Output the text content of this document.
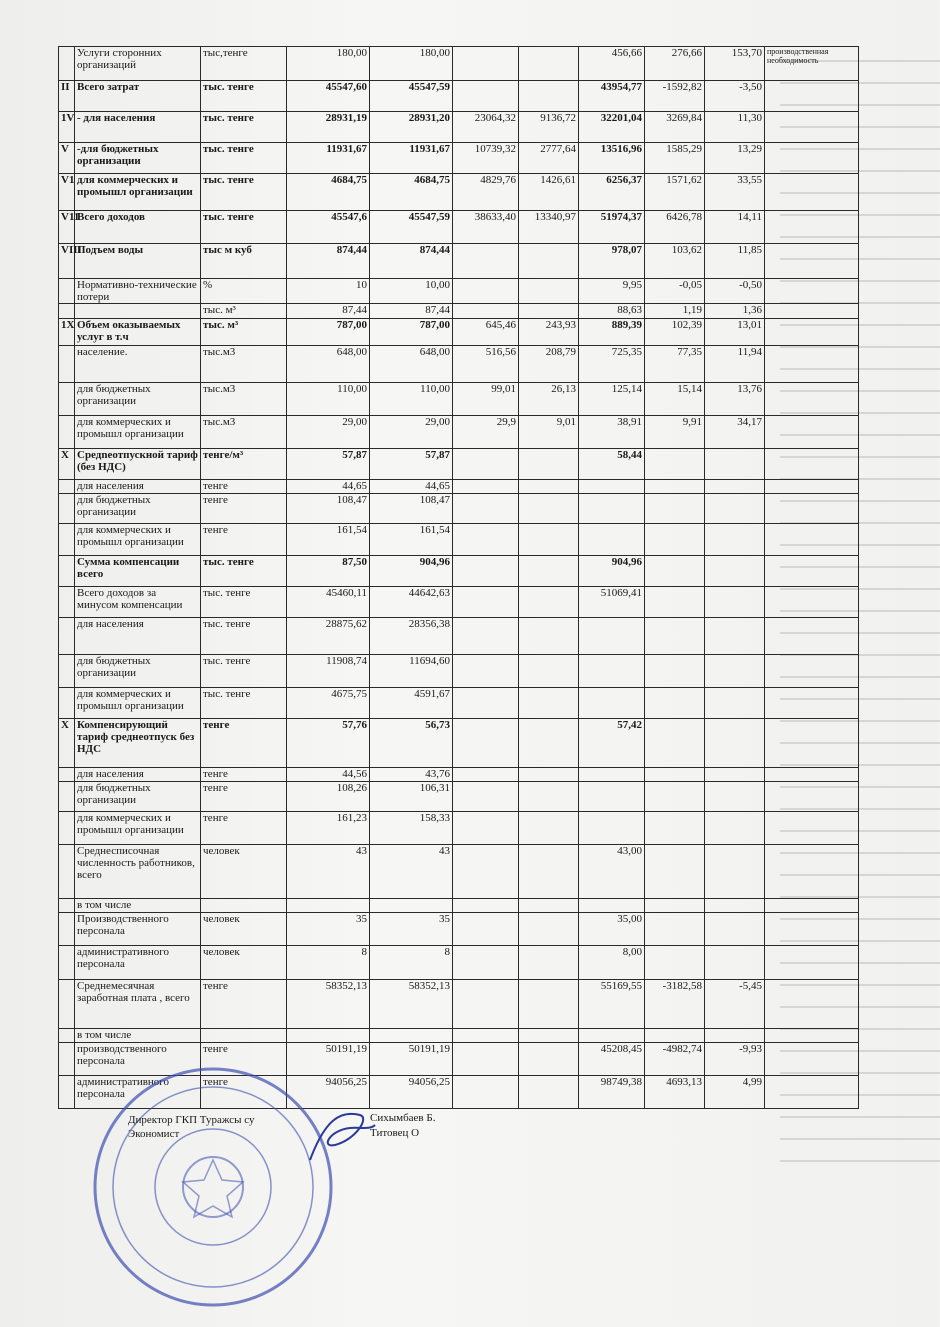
	Услуги сторонних организаций	тыс,тенге	180,00	180,00			456,66	276,66	153,70	производственная необходимость
II	Всего затрат	тыс. тенге	45547,60	45547,59			43954,77	-1592,82	-3,50	
1V	- для населения	тыс. тенге	28931,19	28931,20	23064,32	9136,72	32201,04	3269,84	11,30	
V	-для бюджетных организации	тыс. тенге	11931,67	11931,67	10739,32	2777,64	13516,96	1585,29	13,29	
V1	для коммерческих и промышл организации	тыс. тенге	4684,75	4684,75	4829,76	1426,61	6256,37	1571,62	33,55	
V11	Всего доходов	тыс. тенге	45547,6	45547,59	38633,40	13340,97	51974,37	6426,78	14,11	
VIII	Подъем воды	тыс м куб	874,44	874,44			978,07	103,62	11,85	
	Нормативно-технические потери	%	10	10,00			9,95	-0,05	-0,50	
		тыс. м³	87,44	87,44			88,63	1,19	1,36	
1X	Объем оказываемых услуг в т.ч	тыс. м³	787,00	787,00	645,46	243,93	889,39	102,39	13,01	
	население.	тыс.м3	648,00	648,00	516,56	208,79	725,35	77,35	11,94	
	для бюджетных организации	тыс.м3	110,00	110,00	99,01	26,13	125,14	15,14	13,76	
	для коммерческих и промышл организации	тыс.м3	29,00	29,00	29,9	9,01	38,91	9,91	34,17	
X	Средneотпускной тариф (без НДС)	тенге/м³	57,87	57,87			58,44			
	для населения	тенге	44,65	44,65						
	для бюджетных организации	тенге	108,47	108,47						
	для коммерческих и промышл организации	тенге	161,54	161,54						
	Сумма компенсации всего	тыс. тенге	87,50	904,96			904,96			
	Всего доходов за минусом компенсации	тыс. тенге	45460,11	44642,63			51069,41			
	для населения	тыс. тенге	28875,62	28356,38						
	для бюджетных организации	тыс. тенге	11908,74	11694,60						
	для коммерческих и промышл организации	тыс. тенге	4675,75	4591,67						
X	Компенсирующий тариф среднеотпуск без НДС	тенге	57,76	56,73			57,42			
	для населения	тенге	44,56	43,76						
	для бюджетных организации	тенге	108,26	106,31						
	для коммерческих и промышл организации	тенге	161,23	158,33						
	Среднесписочная численность работников, всего	человек	43	43			43,00			
	в том числе									
	Производственного персонала	человек	35	35			35,00			
	административного персонала	человек	8	8			8,00			
	Среднемесячная заработная плата , всего	тенге	58352,13	58352,13			55169,55	-3182,58	-5,45	
	в том числе									
	производственного персонала	тенге	50191,19	50191,19			45208,45	-4982,74	-9,93	
	административного персонала	тенге	94056,25	94056,25			98749,38	4693,13	4,99	
Директор ГКП Туражсы су
Экономист
Сихымбаев Б.
Титовец О
